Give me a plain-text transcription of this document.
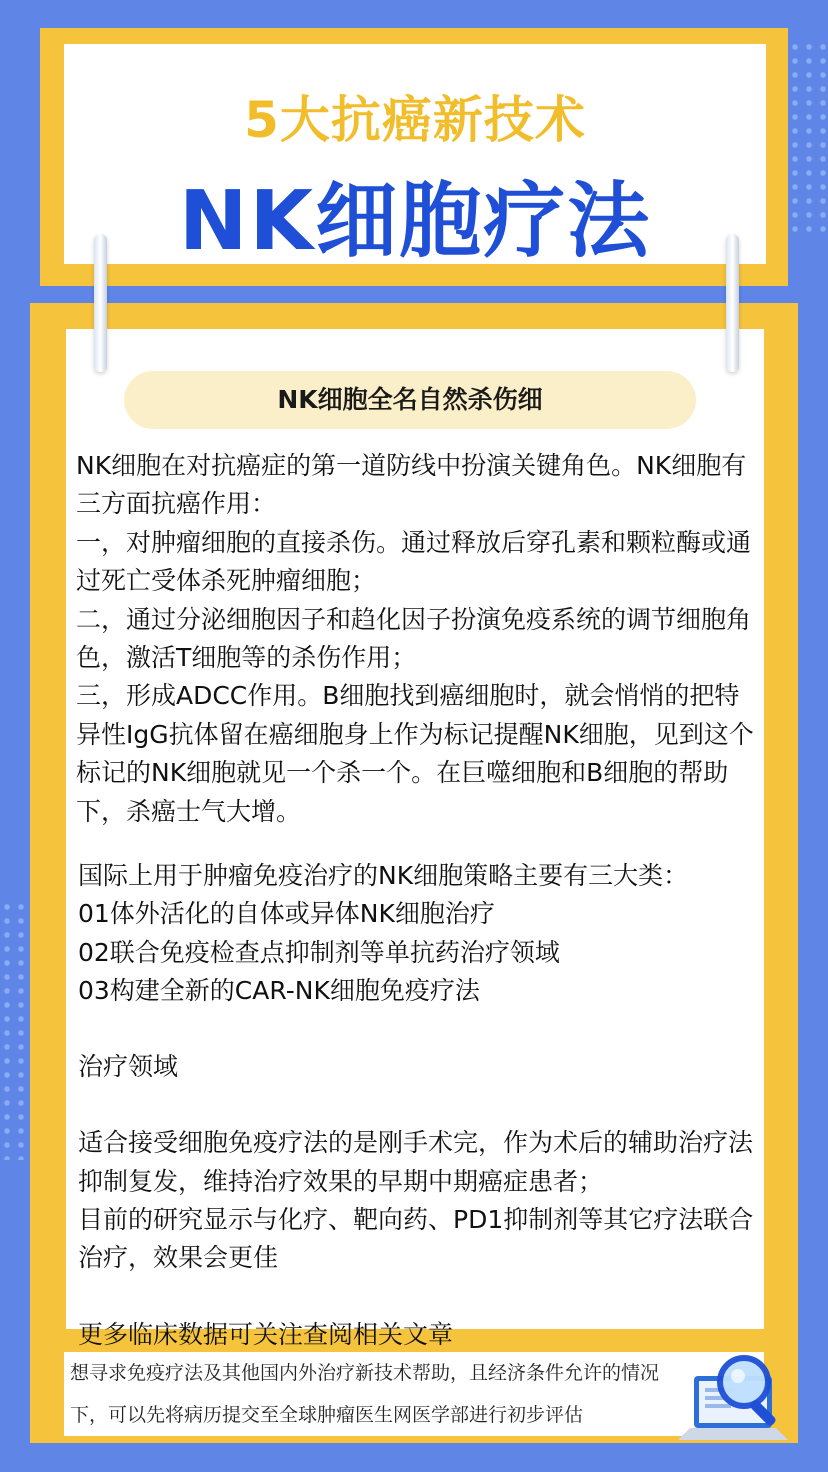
5大抗癌新技术
NK细胞疗法
NK细胞全名自然杀伤细

NK细胞在对抗癌症的第一道防线中扮演关键角色。NK细胞有三方面抗癌作用：

一，对肿瘤细胞的直接杀伤。通过释放后穿孔素和颗粒酶或通过死亡受体杀死肿瘤细胞；

二，通过分泌细胞因子和趋化因子扮演免疫系统的调节细胞角色，激活T细胞等的杀伤作用；

三，形成ADCC作用。B细胞找到癌细胞时，就会悄悄的把特异性IgG抗体留在癌细胞身上作为标记提醒NK细胞，见到这个标记的NK细胞就见一个杀一个。在巨噬细胞和B细胞的帮助下，杀癌士气大增。

国际上用于肿瘤免疫治疗的NK细胞策略主要有三大类：

01体外活化的自体或异体NK细胞治疗

02联合免疫检查点抑制剂等单抗药治疗领域

03构建全新的CAR-NK细胞免疫疗法

治疗领域

适合接受细胞免疫疗法的是刚手术完，作为术后的辅助治疗法抑制复发，维持治疗效果的早期中期癌症患者；

目前的研究显示与化疗、靶向药、PD1抑制剂等其它疗法联合治疗，效果会更佳

更多临床数据可关注查阅相关文章

想寻求免疫疗法及其他国内外治疗新技术帮助，且经济条件允许的情况

下，可以先将病历提交至全球肿瘤医生网医学部进行初步评估
